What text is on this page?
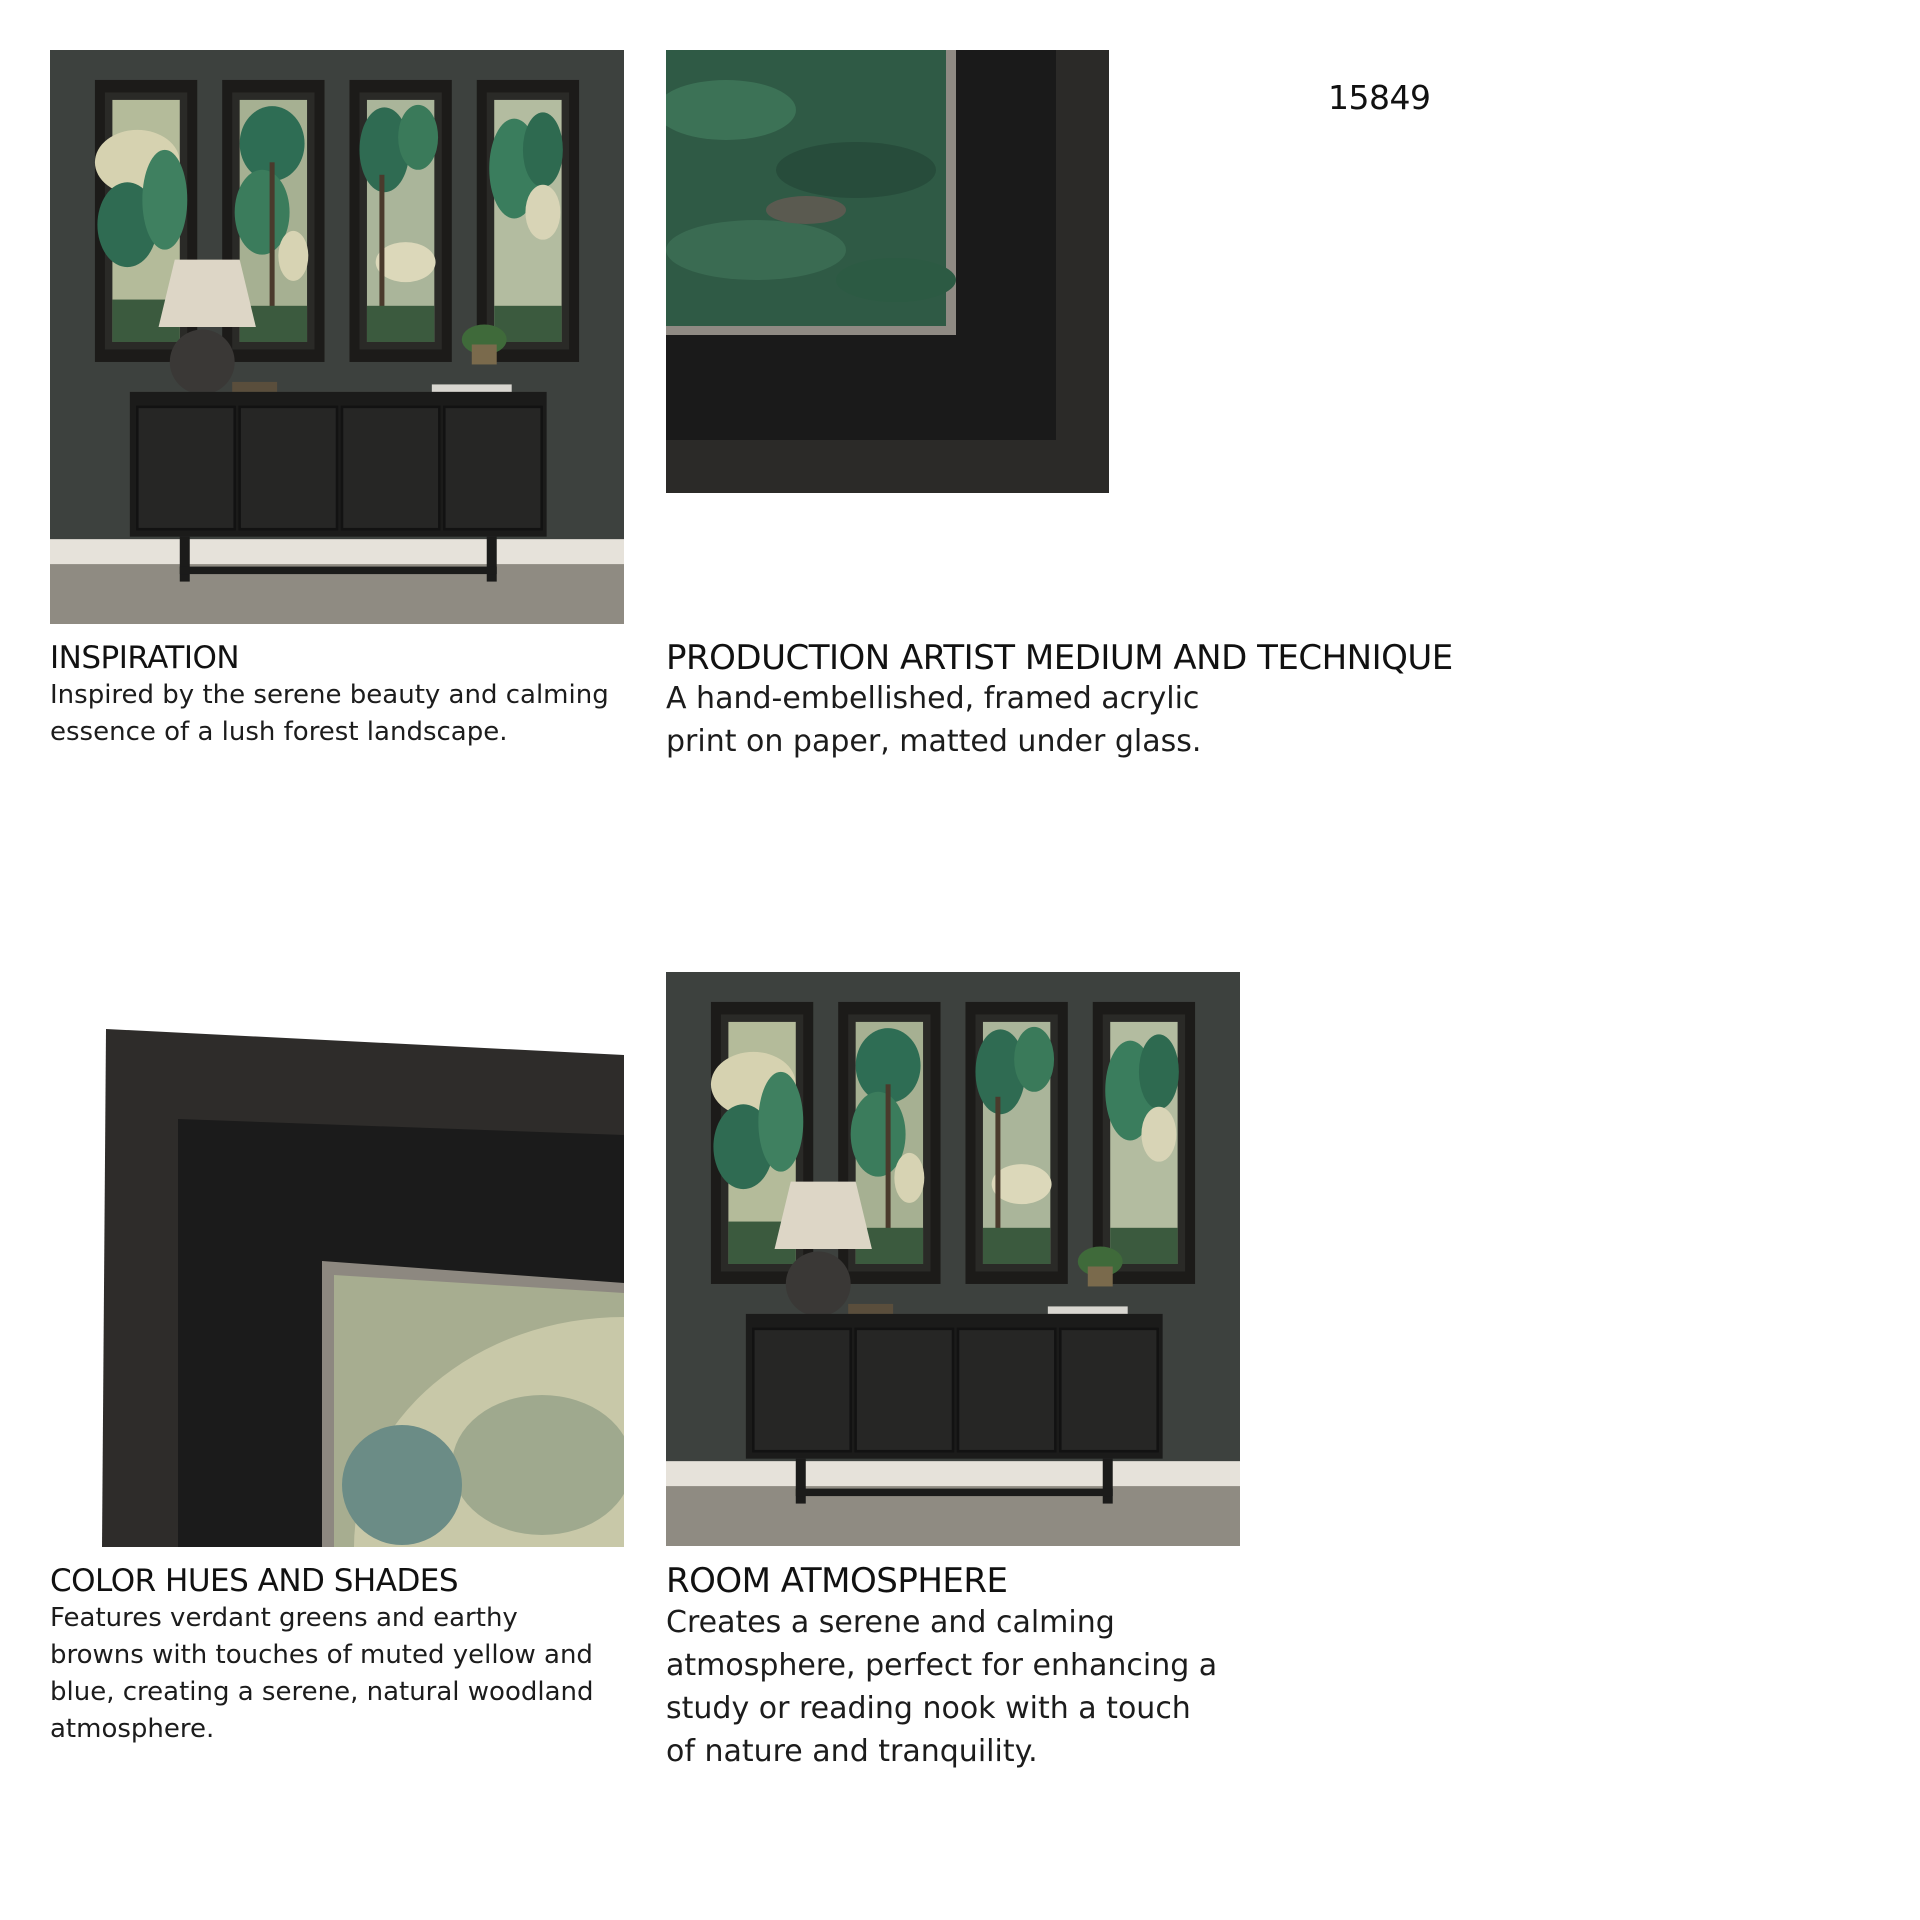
15849
INSPIRATION

Inspired by the serene beauty and calming essence of a lush forest landscape.

PRODUCTION ARTIST MEDIUM AND TECHNIQUE
A hand-embellished, framed acrylic
print on paper, matted under glass.
COLOR HUES AND SHADES

Features verdant greens and earthy browns with touches of muted yellow and blue, creating a serene, natural woodland atmosphere.

ROOM ATMOSPHERE

Creates a serene and calming atmosphere, perfect for enhancing a study or reading nook with a touch of nature and tranquility.
